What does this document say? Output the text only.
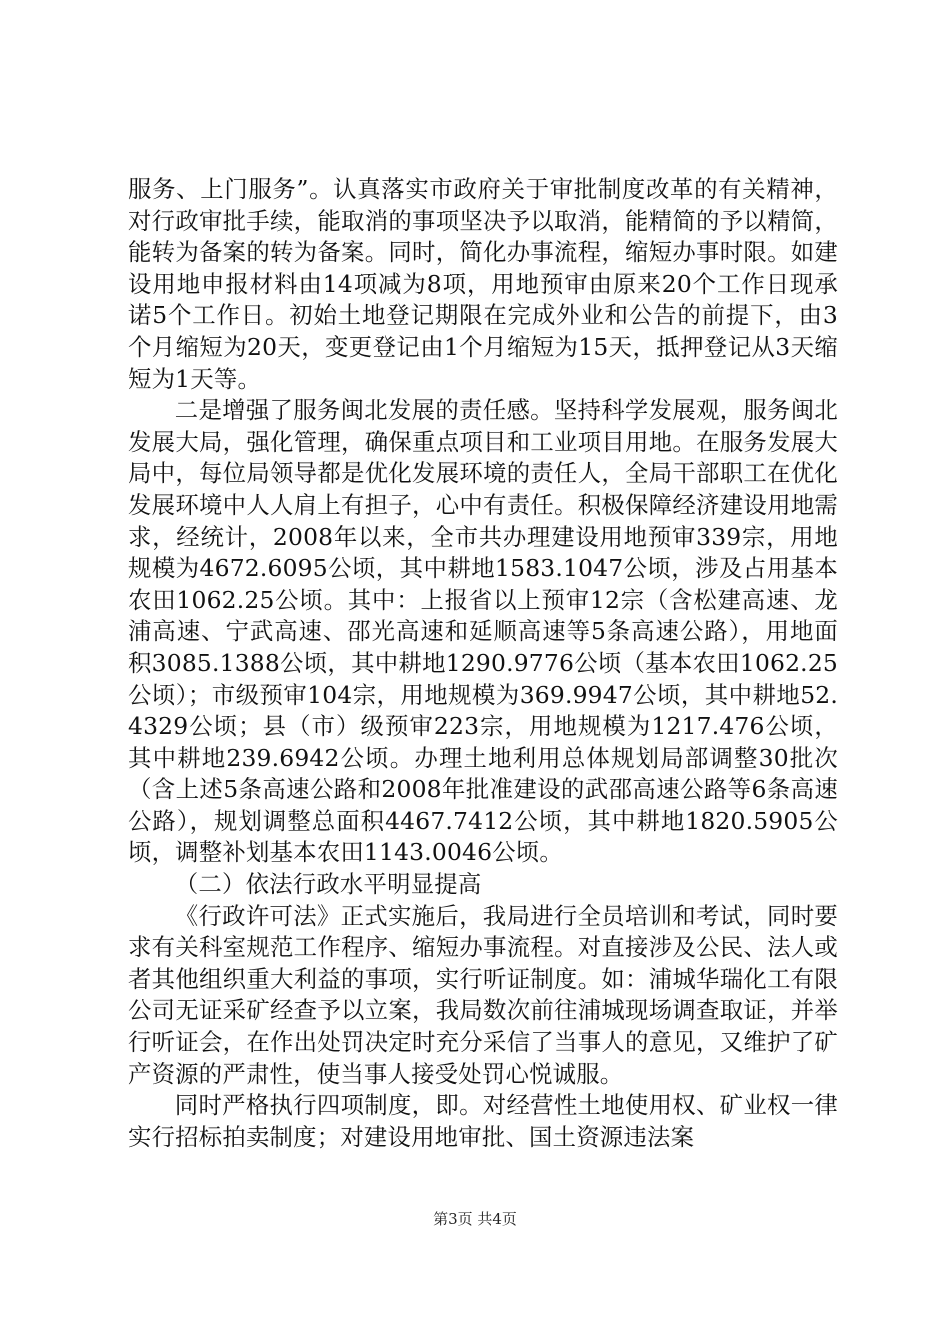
服务、上门服务”。认真落实市政府关于审批制度改革的有关精神，对行政审批手续，能取消的事项坚决予以取消，能精简的予以精简，能转为备案的转为备案。同时，简化办事流程，缩短办事时限。如建设用地申报材料由14项减为8项，用地预审由原来20个工作日现承诺5个工作日。初始土地登记期限在完成外业和公告的前提下，由3个月缩短为20天，变更登记由1个月缩短为15天，抵押登记从3天缩短为1天等。

二是增强了服务闽北发展的责任感。坚持科学发展观，服务闽北发展大局，强化管理，确保重点项目和工业项目用地。在服务发展大局中，每位局领导都是优化发展环境的责任人，全局干部职工在优化发展环境中人人肩上有担子，心中有责任。积极保障经济建设用地需求，经统计，2008年以来，全市共办理建设用地预审339宗，用地规模为4672.6095公顷，其中耕地1583.1047公顷，涉及占用基本农田1062.25公顷。其中：上报省以上预审12宗（含松建高速、龙浦高速、宁武高速、邵光高速和延顺高速等5条高速公路），用地面积3085.1388公顷，其中耕地1290.9776公顷（基本农田1062.25公顷）；市级预审104宗，用地规模为369.9947公顷，其中耕地52.4329公顷；县（市）级预审223宗，用地规模为1217.476公顷，其中耕地239.6942公顷。办理土地利用总体规划局部调整30批次（含上述5条高速公路和2008年批准建设的武邵高速公路等6条高速公路），规划调整总面积4467.7412公顷，其中耕地1820.5905公顷，调整补划基本农田1143.0046公顷。

（二）依法行政水平明显提高

《行政许可法》正式实施后，我局进行全员培训和考试，同时要求有关科室规范工作程序、缩短办事流程。对直接涉及公民、法人或者其他组织重大利益的事项，实行听证制度。如：浦城华瑞化工有限公司无证采矿经查予以立案，我局数次前往浦城现场调查取证，并举行听证会，在作出处罚决定时充分采信了当事人的意见，又维护了矿产资源的严肃性，使当事人接受处罚心悦诚服。

同时严格执行四项制度，即。对经营性土地使用权、矿业权一律实行招标拍卖制度；对建设用地审批、国土资源违法案

第3页 共4页
